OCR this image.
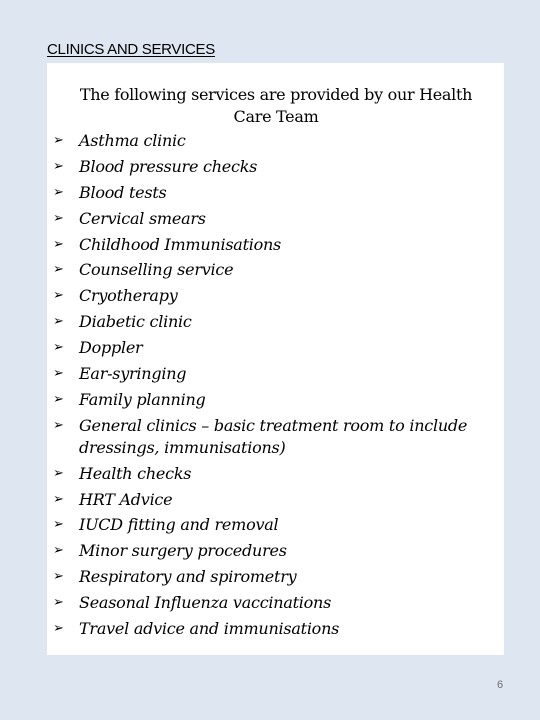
CLINICS AND SERVICES
The following services are provided by our Health Care Team
➢ Asthma clinic
➢ Blood pressure checks
➢ Blood tests
➢ Cervical smears
➢ Childhood Immunisations
➢ Counselling service
➢ Cryotherapy
➢ Diabetic clinic
➢ Doppler
➢ Ear-syringing
➢ Family planning
➢ General clinics – basic treatment room to include dressings, immunisations)
➢ Health checks
➢ HRT Advice
➢ IUCD fitting and removal
➢ Minor surgery procedures
➢ Respiratory and spirometry
➢ Seasonal Influenza vaccinations
➢ Travel advice and immunisations
6
